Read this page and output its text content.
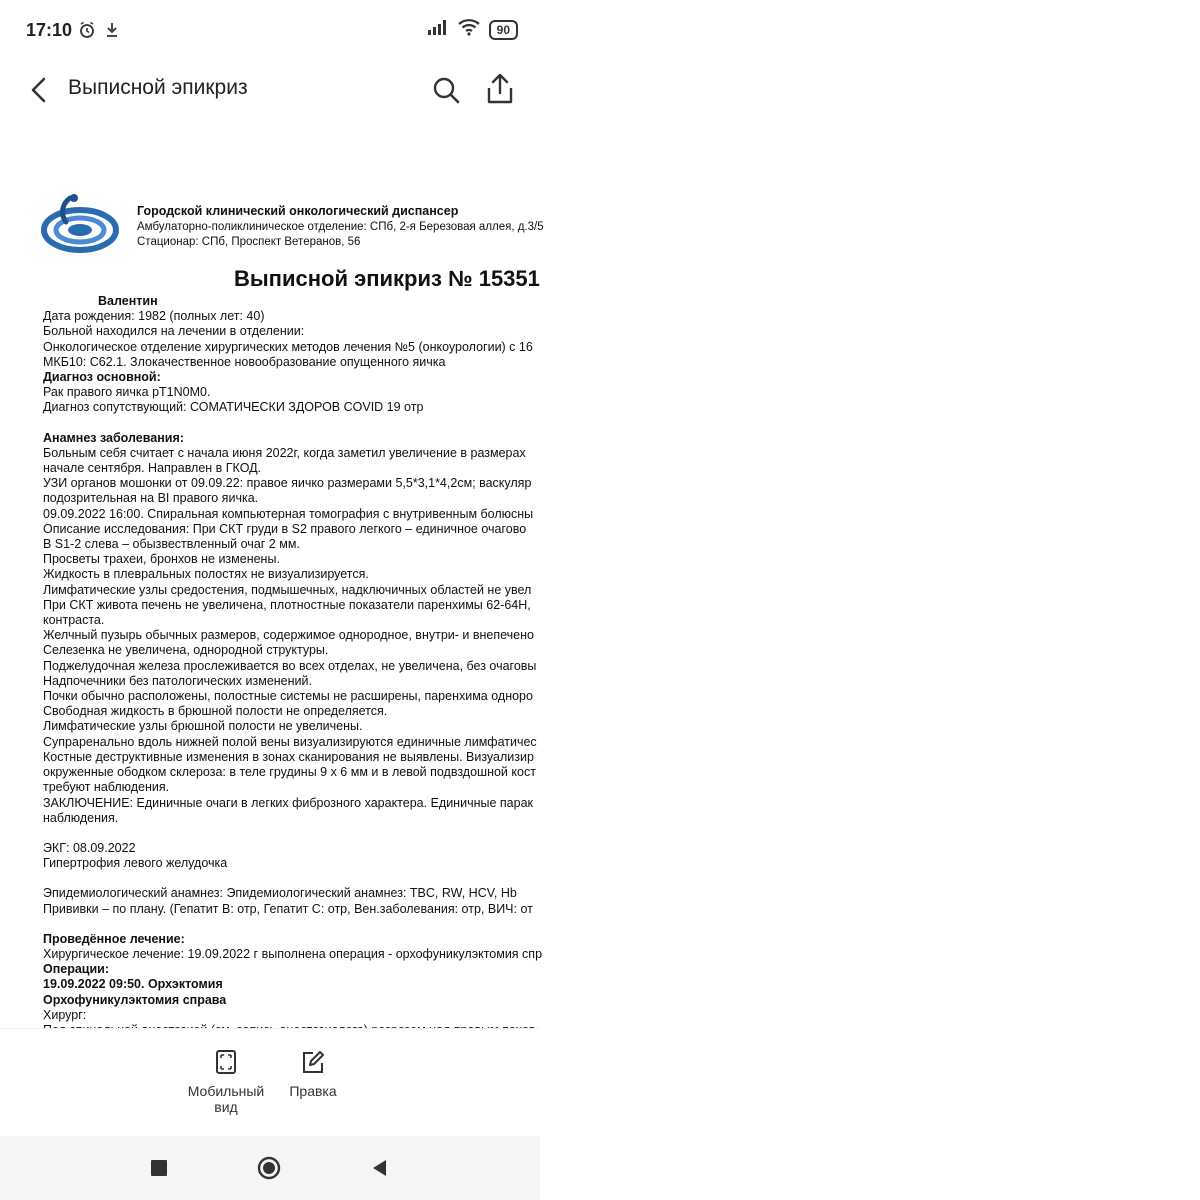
17:10	90
Выписной эпикриз
Городской клинический онкологический диспансер
Амбулаторно-поликлиническое отделение: СПб, 2-я Березовая аллея, д.3/5
Стационар: СПб, Проспект Ветеранов, 56
Выписной эпикриз № 15351

Валентин

Дата рождения: 1982 (полных лет: 40)

Больной находился на лечении в отделении:

Онкологическое отделение хирургических методов лечения №5 (онкоурологии) с 16

МКБ10: C62.1. Злокачественное новообразование опущенного яичка

Диагноз основной:

Рак правого яичка pT1N0M0.

Диагноз сопутствующий: СОМАТИЧЕСКИ ЗДОРОВ COVID 19 отр

Анамнез заболевания:

Больным себя считает с начала июня 2022г, когда заметил увеличение в размерах

начале сентября. Направлен в ГКОД.

УЗИ органов мошонки от 09.09.22: правое яичко размерами 5,5*3,1*4,2см; васкуляр

подозрительная на BI правого яичка.

09.09.2022 16:00. Спиральная компьютерная томография с внутривенным болюсны

Описание исследования: При СКТ груди в S2 правого легкого – единичное очагово

В S1-2 слева – обызвествленный очаг 2 мм.

Просветы трахеи, бронхов не изменены.

Жидкость в плевральных полостях не визуализируется.

Лимфатические узлы средостения, подмышечных, надключичных областей не увел

При СКТ живота печень не увеличена, плотностные показатели паренхимы 62-64Н,

контраста.

Желчный пузырь обычных размеров, содержимое однородное, внутри- и внепечено

Селезенка не увеличена, однородной структуры.

Поджелудочная железа прослеживается во всех отделах, не увеличена, без очаговы

Надпочечники без патологических изменений.

Почки обычно расположены, полостные системы не расширены, паренхима одноро

Свободная жидкость в брюшной полости не определяется.

Лимфатические узлы брюшной полости не увеличены.

Супраренально вдоль нижней полой вены визуализируются единичные лимфатичес

Костные деструктивные изменения в зонах сканирования не выявлены. Визуализир

окруженные ободком склероза: в теле грудины 9 х 6 мм и в левой подвздошной кост

требуют наблюдения.

ЗАКЛЮЧЕНИЕ: Единичные очаги в легких фиброзного характера. Единичные парак

наблюдения.

ЭКГ: 08.09.2022

Гипертрофия левого желудочка

Эпидемиологический анамнез: Эпидемиологический анамнез: TBC, RW, HCV, Hb

Прививки – по плану. (Гепатит В: отр, Гепатит С: отр, Вен.заболевания: отр, ВИЧ: от

Проведённое лечение:

Хирургическое лечение: 19.09.2022 г выполнена операция - орхофуникулэктомия спр

Операции:

19.09.2022 09:50. Орхэктомия

Орхофуникулэктомия справа

Хирург:

Мобильный
вид
Правка
